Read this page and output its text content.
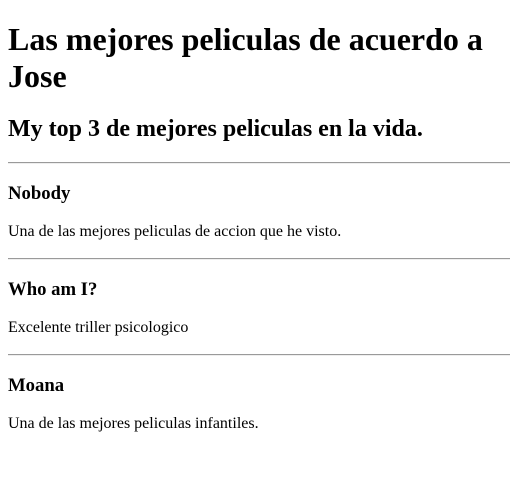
Las mejores peliculas de acuerdo a Jose
My top 3 de mejores peliculas en la vida.
Nobody

Una de las mejores peliculas de accion que he visto.

Who am I?

Excelente triller psicologico

Moana

Una de las mejores peliculas infantiles.
